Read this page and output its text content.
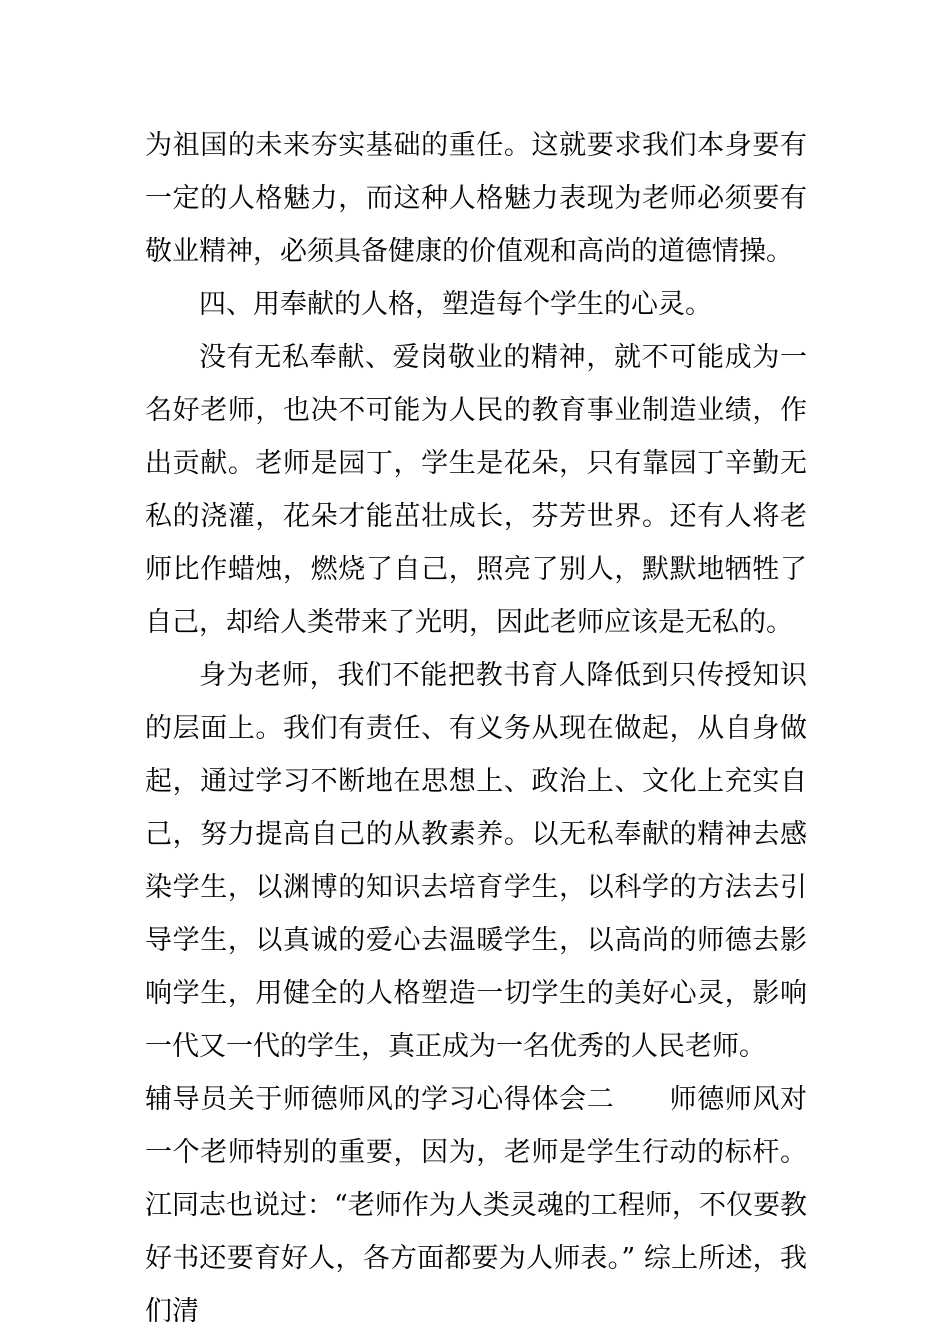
为祖国的未来夯实基础的重任。这就要求我们本身要有一定的人格魅力，而这种人格魅力表现为老师必须要有敬业精神，必须具备健康的价值观和高尚的道德情操。

四、用奉献的人格，塑造每个学生的心灵。

没有无私奉献、爱岗敬业的精神，就不可能成为一名好老师，也决不可能为人民的教育事业制造业绩，作出贡献。老师是园丁，学生是花朵，只有靠园丁辛勤无私的浇灌，花朵才能茁壮成长，芬芳世界。还有人将老师比作蜡烛，燃烧了自己，照亮了别人，默默地牺牲了自己，却给人类带来了光明，因此老师应该是无私的。

身为老师，我们不能把教书育人降低到只传授知识的层面上。我们有责任、有义务从现在做起，从自身做起，通过学习不断地在思想上、政治上、文化上充实自己，努力提高自己的从教素养。以无私奉献的精神去感染学生，以渊博的知识去培育学生，以科学的方法去引导学生，以真诚的爱心去温暖学生，以高尚的师德去影响学生，用健全的人格塑造一切学生的美好心灵，影响一代又一代的学生，真正成为一名优秀的人民老师。

辅导员关于师德师风的学习心得体会二　　师德师风对一个老师特别的重要，因为，老师是学生行动的标杆。江同志也说过：“老师作为人类灵魂的工程师，不仅要教好书还要育好人，各方面都要为人师表。” 综上所述，我们清
